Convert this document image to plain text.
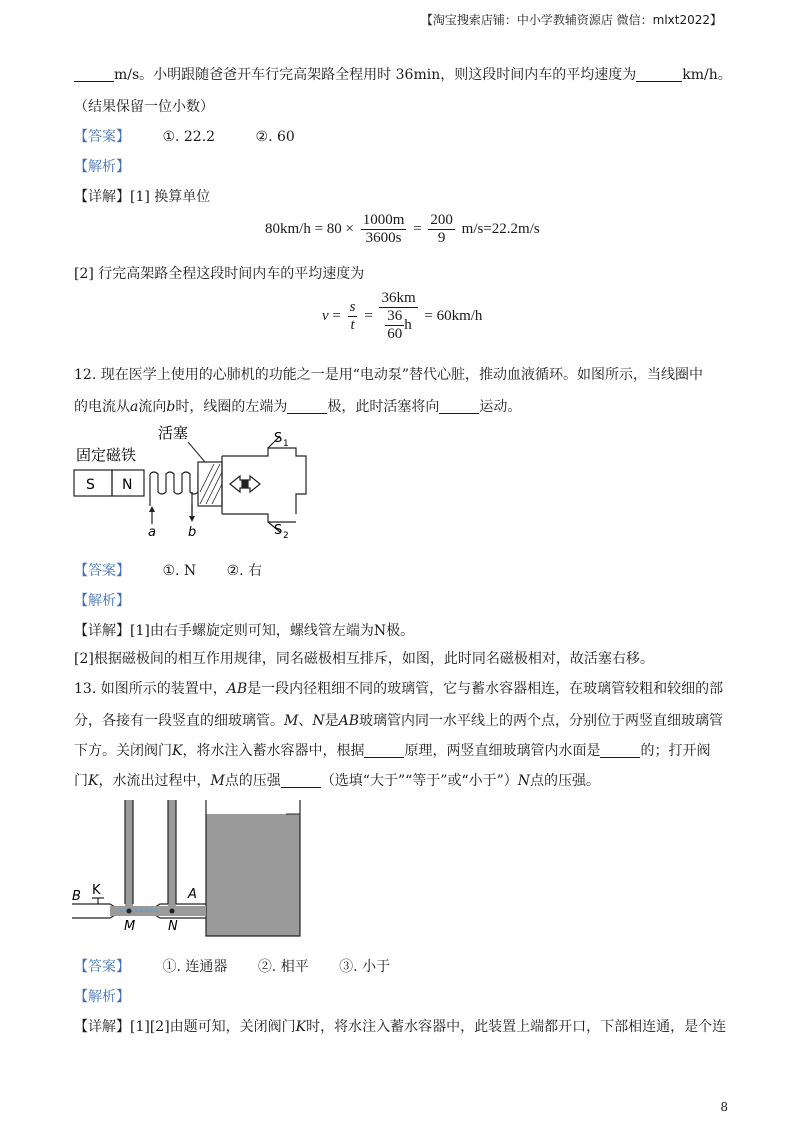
【淘宝搜索店铺：中小学教辅资源店 微信：mlxt2022】
m/s。小明跟随爸爸开车行完高架路全程用时 36min，则这段时间内车的平均速度为	km/h。
（结果保留一位小数）
【答案】 ①. 22.2	②. 60
【解析】
【详解】[1] 换算单位
$80km/h = 80 \times \frac{1000m}{3600s} = \frac{200}{9} m/s=22.2m/s$
[2] 行完高架路全程这段时间内车的平均速度为
$v = \frac{s}{t} = \frac{36km}{\frac{36}{60} h} = 60km/h$
12. 现在医学上使用的心肺机的功能之一是用“电动泵”替代心脏，推动血液循环。如图所示，当线圈中
的电流从a流向b时，线圈的左端为	极，此时活塞将向	运动。
固定磁铁
活塞
S N
S 1
S 2
a b
【答案】 ①. N ②. 右
【解析】
【详解】[1]由右手螺旋定则可知，螺线管左端为N极。
[2]根据磁极间的相互作用规律，同名磁极相互排斥，如图，此时同名磁极相对，故活塞右移。
13. 如图所示的装置中，AB是一段内径粗细不同的玻璃管，它与蓄水容器相连，在玻璃管较粗和较细的部
分，各接有一段竖直的细玻璃管。M、N是AB玻璃管内同一水平线上的两个点，分别位于两竖直细玻璃管
下方。关闭阀门K，将水注入蓄水容器中，根据	原理，两竖直细玻璃管内水面是	的；打开阀
门K，水流出过程中，M点的压强	（选填“大于”“等于”或“小于”）N点的压强。
B K	A
M	N
【答案】 ①. 连通器 ②. 相平 ③. 小于
【解析】
【详解】[1][2]由题可知，关闭阀门K时，将水注入蓄水容器中，此装置上端都开口，下部相连通，是个连
8
